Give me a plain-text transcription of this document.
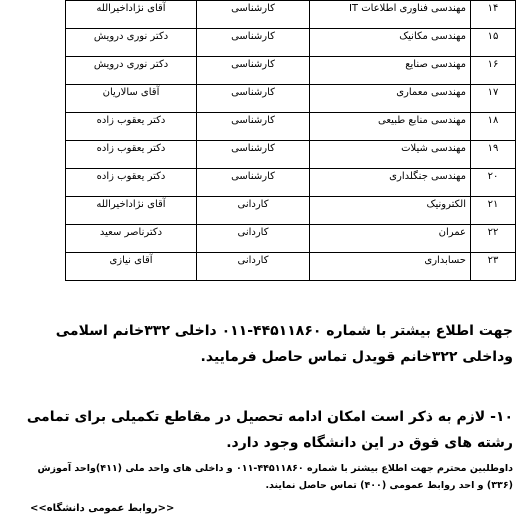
۱۴	مهندسی فناوری اطلاعات IT	کارشناسی	آقای نژاداخیرالله
۱۵	مهندسی مکانیک	کارشناسی	دکتر نوری درویش
۱۶	مهندسی صنایع	کارشناسی	دکتر نوری درویش
۱۷	مهندسی معماری	کارشناسی	آقای سالاریان
۱۸	مهندسی منابع طبیعی	کارشناسی	دکتر یعقوب زاده
۱۹	مهندسی شیلات	کارشناسی	دکتر یعقوب زاده
۲۰	مهندسی جنگلداری	کارشناسی	دکتر یعقوب زاده
۲۱	الکترونیک	کاردانی	آقای نژاداخیرالله
۲۲	عمران	کاردانی	دکترناصر سعید
۲۳	حسابداری	کاردانی	آقای نیازی
جهت اطلاع بیشتر با شماره ۴۴۵۱۱۸۶۰-۰۱۱ داخلی ۳۳۲خانم اسلامی وداخلی ۳۲۲خانم قویدل تماس حاصل فرمایید.
۱۰- لازم به ذکر است امکان ادامه تحصیل در مقاطع تکمیلی برای تمامی رشته های فوق در این دانشگاه وجود دارد.
داوطلبین محترم جهت اطلاع بیشتر با شماره ۴۴۵۱۱۸۶۰-۰۱۱ و داخلی های واحد ملی (۴۱۱)واحد آموزش (۳۳۶) و احد روابط عمومی (۴۰۰) تماس حاصل نمایند.
<<روابط عمومی دانشگاه>>
